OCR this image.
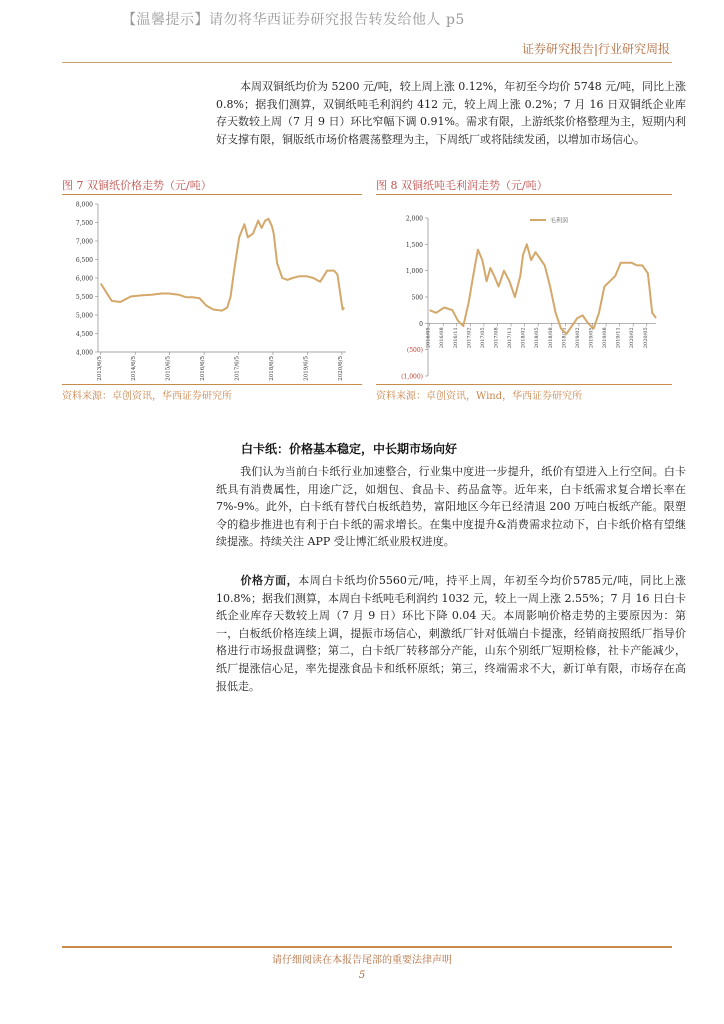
【温馨提示】请勿将华西证券研究报告转发给他人 p5
证券研究报告|行业研究周报
本周双铜纸均价为 5200 元/吨，较上周上涨 0.12%，年初至今均价 5748 元/吨，同比上涨 0.8%；据我们测算，双铜纸吨毛利润约 412 元，较上周上涨 0.2%；7 月 16 日双铜纸企业库存天数较上周（7 月 9 日）环比窄幅下调 0.91%。需求有限，上游纸浆价格整理为主，短期内利好支撑有限，铜版纸市场价格震荡整理为主，下周纸厂或将陆续发函，以增加市场信心。
图 7 双铜纸价格走势（元/吨）
8,000
7,500
7,000
6,500
6,000
5,500
5,000
4,500
4,000
2013/6/5	2014/6/5	2015/6/5	2016/6/5	2017/6/5	2018/6/5	2019/6/5	2020/6/5
资料来源：卓创资讯，华西证券研究所
图 8 双铜纸吨毛利润走势（元/吨）
2,000
1,500
1,000
500
0
(500)
(1,000)
2016/05 2016/08 2016/11 2017/02 2017/05 2017/08 2017/11 2018/02 2018/05 2018/08 2018/11 2019/02 2019/05 2019/08 2019/11 2020/02 2020/05
毛利润
资料来源：卓创资讯，Wind，华西证券研究所
白卡纸：价格基本稳定，中长期市场向好
我们认为当前白卡纸行业加速整合，行业集中度进一步提升，纸价有望进入上行空间。白卡纸具有消费属性，用途广泛，如烟包、食品卡、药品盒等。近年来，白卡纸需求复合增长率在 7%-9%。此外，白卡纸有替代白板纸趋势，富阳地区今年已经清退 200 万吨白板纸产能。限塑令的稳步推进也有利于白卡纸的需求增长。在集中度提升&消费需求拉动下，白卡纸价格有望继续提涨。持续关注 APP 受让博汇纸业股权进度。
价格方面，本周白卡纸均价5560元/吨，持平上周，年初至今均价5785元/吨，同比上涨 10.8%；据我们测算，本周白卡纸吨毛利润约 1032 元，较上一周上涨 2.55%；7 月 16 日白卡纸企业库存天数较上周（7 月 9 日）环比下降 0.04 天。本周影响价格走势的主要原因为：第一，白板纸价格连续上调，提振市场信心，刺激纸厂针对低端白卡提涨，经销商按照纸厂指导价格进行市场报盘调整；第二，白卡纸厂转移部分产能，山东个别纸厂短期检修，社卡产能减少，纸厂提涨信心足，率先提涨食品卡和纸杯原纸；第三，终端需求不大，新订单有限，市场存在高报低走。
请仔细阅读在本报告尾部的重要法律声明
5
